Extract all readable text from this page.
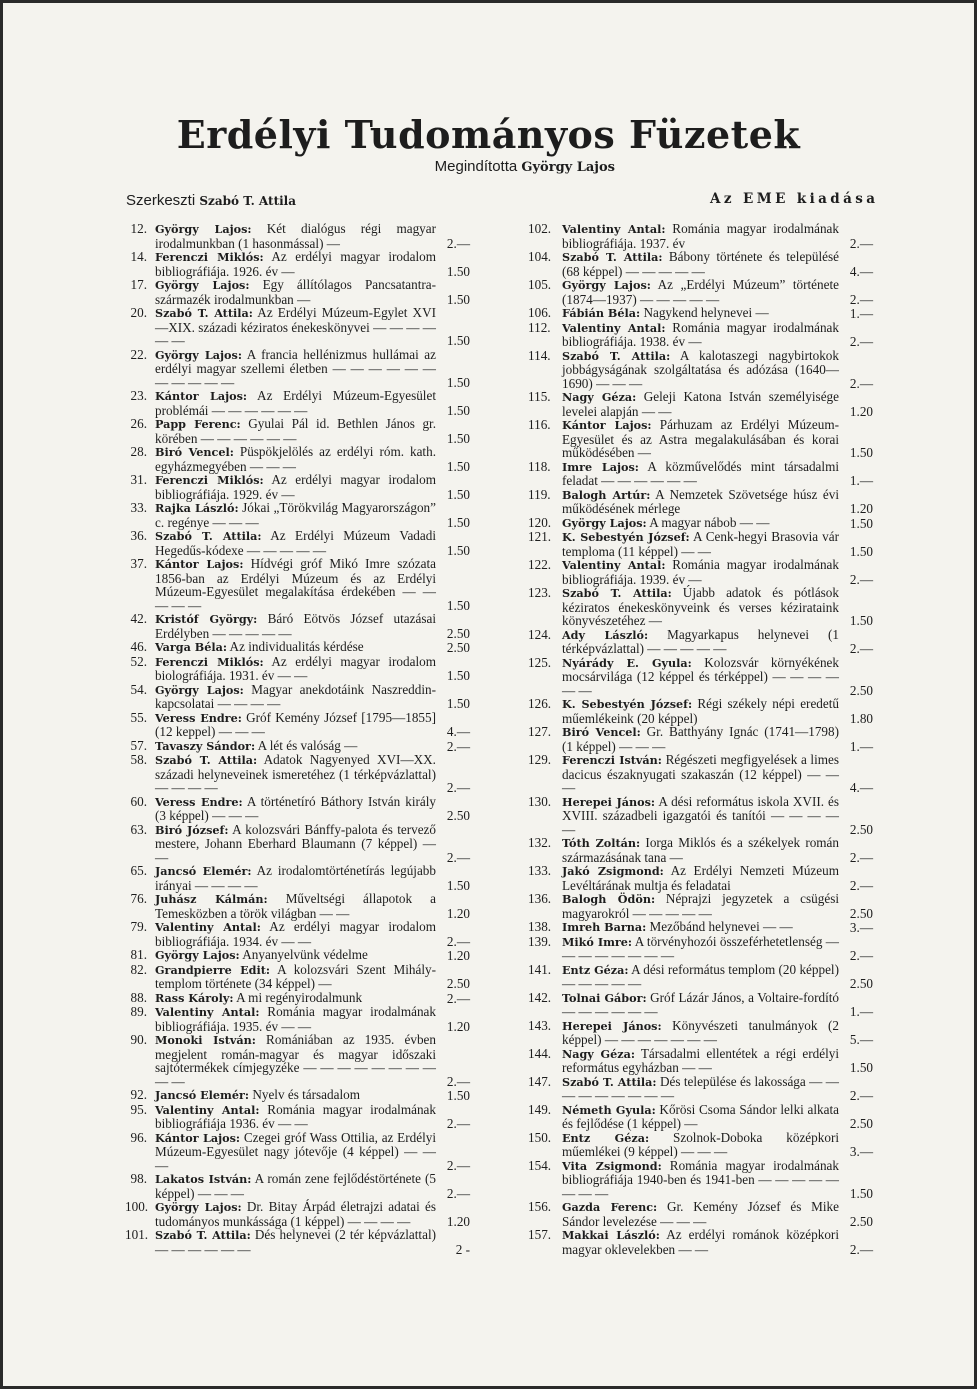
Erdélyi Tudományos Füzetek
Megindította György Lajos
Szerkeszti Szabó T. Attila	Az EME kiadása
12. György Lajos: Két dialógus régi magyar irodalmunkban (1 hasonmással) —	2.—
14. Ferenczi Miklós: Az erdélyi magyar irodalom bibliográfiája. 1926. év —	1.50
17. György Lajos: Egy állítólagos Pancsatantra-származék irodalmunkban —	1.50
20. Szabó T. Attila: Az Erdélyi Múzeum-Egylet XVI—XIX. századi kéziratos énekeskönyvei — — — — — —	1.50
22. György Lajos: A francia hellénizmus hullámai az erdélyi magyar szellemi életben — — — — — — — — — — —	1.50
23. Kántor Lajos: Az Erdélyi Múzeum-Egyesület problémái — — — — — —	1.50
26. Papp Ferenc: Gyulai Pál id. Bethlen János gr. körében — — — — — —	1.50
28. Biró Vencel: Püspökjelölés az erdélyi róm. kath. egyházmegyében — — —	1.50
31. Ferenczi Miklós: Az erdélyi magyar irodalom bibliográfiája. 1929. év —	1.50
33. Rajka László: Jókai „Törökvilág Magyarországon” c. regénye — — —	1.50
36. Szabó T. Attila: Az Erdélyi Múzeum Vadadi Hegedűs-kódexe — — — — —	1.50
37. Kántor Lajos: Hídvégi gróf Mikó Imre szózata 1856-ban az Erdélyi Múzeum és az Erdélyi Múzeum-Egyesület megalakítása érdekében — — — — —	1.50
42. Kristóf György: Báró Eötvös József utazásai Erdélyben — — — — —	2.50
46. Varga Béla: Az individualitás kérdése	2.50
52. Ferenczi Miklós: Az erdélyi magyar irodalom biolográfiája. 1931. év — —	1.50
54. György Lajos: Magyar anekdotáink Naszreddin-kapcsolatai — — — —	1.50
55. Veress Endre: Gróf Kemény József [1795—1855] (12 keppel) — — —	4.—
57. Tavaszy Sándor: A lét és valóság —	2.—
58. Szabó T. Attila: Adatok Nagyenyed XVI—XX. századi helyneveinek ismeretéhez (1 térképvázlattal) — — — —	2.—
60. Veress Endre: A történetíró Báthory István király (3 képpel) — — —	2.50
63. Biró József: A kolozsvári Bánffy-palota és tervező mestere, Johann Eberhard Blaumann (7 képpel) — —	2.—
65. Jancsó Elemér: Az irodalomtörténetírás legújabb irányai — — — —	1.50
76. Juhász Kálmán: Műveltségi állapotok a Temesközben a török világban — —	1.20
79. Valentiny Antal: Az erdélyi magyar irodalom bibliográfiája. 1934. év — —	2.—
81. György Lajos: Anyanyelvünk védelme	1.20
82. Grandpierre Edit: A kolozsvári Szent Mihály-templom története (34 képpel) —	2.50
88. Rass Károly: A mi regényirodalmunk	2.—
89. Valentiny Antal: Románia magyar irodalmának bibliográfiája. 1935. év — —	1.20
90. Monoki István: Romániában az 1935. évben megjelent román-magyar és magyar időszaki sajtótermékek címjegyzéke — — — — — — — — — —	2.—
92. Jancsó Elemér: Nyelv és társadalom	1.50
95. Valentiny Antal: Románia magyar irodalmának bibliográfiája 1936. év — —	2.—
96. Kántor Lajos: Czegei gróf Wass Ottilia, az Erdélyi Múzeum-Egyesület nagy jótevője (4 képpel) — — —	2.—
98. Lakatos István: A román zene fejlődéstörténete (5 képpel) — — —	2.—
100. György Lajos: Dr. Bitay Árpád életrajzi adatai és tudományos munkássága (1 képpel) — — — —	1.20
101. Szabó T. Attila: Dés helynevei (2 tér képvázlattal) — — — — — —	2 -
102. Valentiny Antal: Románia magyar irodalmának bibliográfiája. 1937. év	2.—
104. Szabó T. Attila: Bábony története és településé (68 képpel) — — — — —	4.—
105. György Lajos: Az „Erdélyi Múzeum” története (1874—1937) — — — — —	2.—
106. Fábián Béla: Nagykend helynevei —	1.—
112.	Valentiny Antal: Románia magyar irodalmának bibliográfiája. 1938. év —	2.—
114.	Szabó T. Attila: A kalotaszegi nagybirtokok jobbágyságának szolgáltatása és adózása (1640—1690) — — —	2.—
115.	Nagy Géza: Geleji Katona István személyisége levelei alapján — —	1.20
116.	Kántor Lajos: Párhuzam az Erdélyi Múzeum-Egyesület és az Astra megalakulásában és korai működésében —	1.50
118.	Imre Lajos: A közművelődés mint társadalmi feladat — — — — — —	1.—
119.	Balogh Artúr: A Nemzetek Szövetsége húsz évi működésének mérlege	1.20
120. György Lajos: A magyar nábob — —	1.50
121. K. Sebestyén József: A Cenk-hegyi Brasovia vár temploma (11 képpel) — —	1.50
122. Valentiny Antal: Románia magyar irodalmának bibliográfiája. 1939. év —	2.—
123. Szabó T. Attila: Újabb adatok és pótlások kéziratos énekeskönyveink és verses kézirataink könyvészetéhez —	1.50
124. Ady László: Magyarkapus helynevei (1 térképvázlattal) — — — — —	2.—
125. Nyárády E. Gyula: Kolozsvár környékének mocsárvilága (12 képpel és térképpel) — — — — — —	2.50
126. K. Sebestyén József: Régi székely népi eredetű műemlékeink (20 képpel)	1.80
127. Biró Vencel: Gr. Batthyány Ignác (1741—1798) (1 képpel) — — —	1.—
129. Ferenczi István: Régészeti megfigyelések a limes dacicus északnyugati szakaszán (12 képpel) — — —	4.—
130. Herepei János: A dési református iskola XVII. és XVIII. századbeli igazgatói és tanítói — — — — —	2.50
132. Tóth Zoltán: Iorga Miklós és a székelyek román származásának tana —	2.—
133. Jakó Zsigmond: Az Erdélyi Nemzeti Múzeum Levéltárának multja és feladatai	2.—
136. Balogh Ödön: Néprajzi jegyzetek a csügési magyarokról — — — — —	2.50
138. Imreh Barna: Mezőbánd helynevei — —	3.—
139. Mikó Imre: A törvényhozói összeférhetetlenség — — — — — — — —	2.—
141. Entz Géza: A dési református templom (20 képpel) — — — — —	2.50
142. Tolnai Gábor: Gróf Lázár János, a Voltaire-fordító — — — — — —	1.—
143. Herepei János: Könyvészeti tanulmányok (2 képpel) — — — — — — —	5.—
144. Nagy Géza: Társadalmi ellentétek a régi erdélyi református egyházban — —	1.50
147. Szabó T. Attila: Dés települése és lakossága — — — — — — — — —	2.—
149. Németh Gyula: Kőrösi Csoma Sándor lelki alkata és fejlődése (1 képpel) —	2.50
150. Entz Géza: Szolnok-Doboka középkori műemlékei (9 képpel) — — —	3.—
154. Vita Zsigmond: Románia magyar irodalmának bibliográfiája 1940-ben és 1941-ben — — — — — — — —	1.50
156. Gazda Ferenc: Gr. Kemény József és Mike Sándor levelezése — — —	2.50
157. Makkai László: Az erdélyi románok középkori magyar oklevelekben — —	2.—
